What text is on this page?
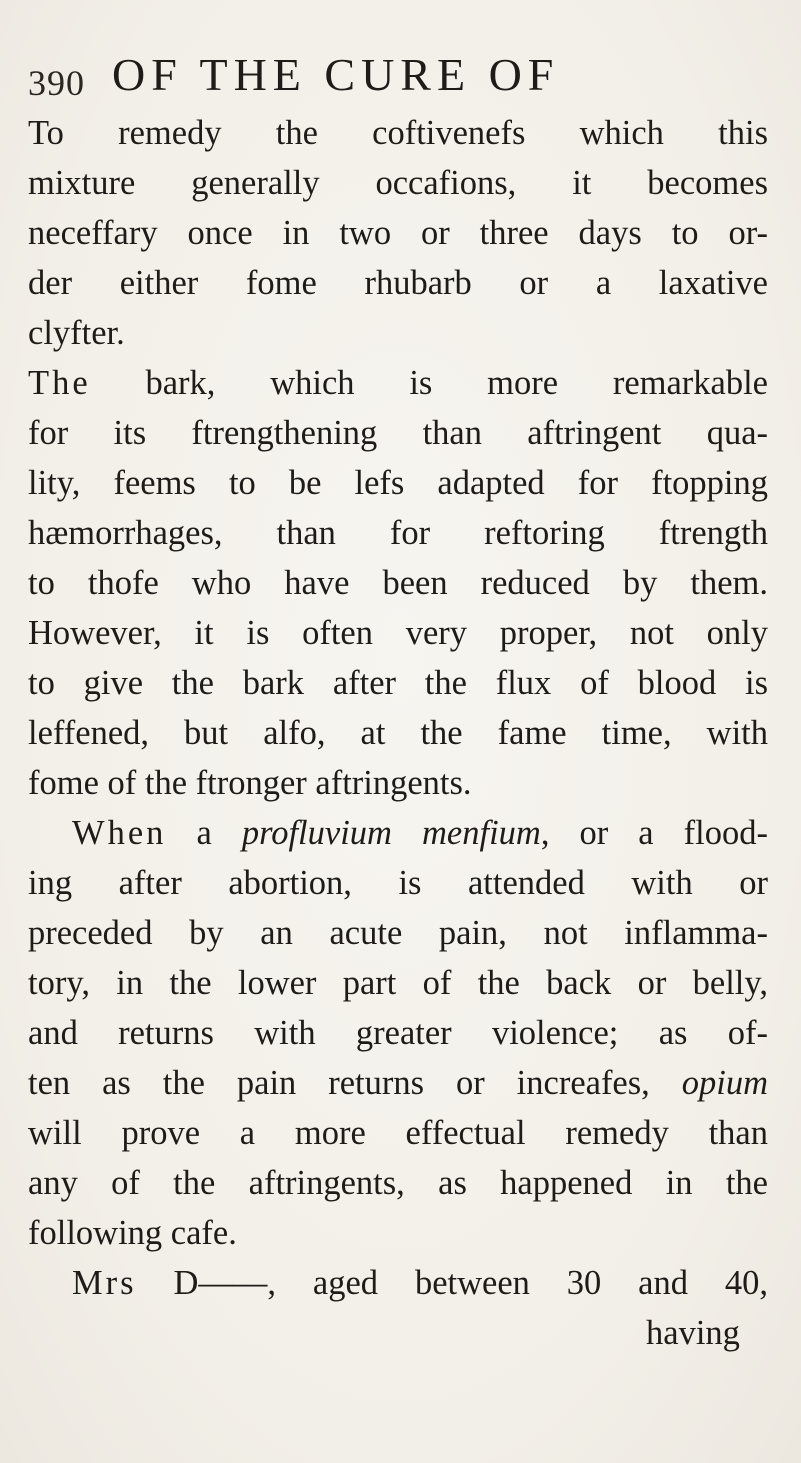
390 OF THE CURE OF
To remedy the coftivenefs which this
mixture generally occafions, it becomes
neceffary once in two or three days to or-
der either fome rhubarb or a laxative
clyfter.
The bark, which is more remarkable
for its ftrengthening than aftringent qua-
lity, feems to be lefs adapted for ftopping
hæmorrhages, than for reftoring ftrength
to thofe who have been reduced by them.
However, it is often very proper, not only
to give the bark after the flux of blood is
leffened, but alfo, at the fame time, with
fome of the ftronger aftringents.
When a profluvium menfium, or a flood-
ing after abortion, is attended with or
preceded by an acute pain, not inflamma-
tory, in the lower part of the back or belly,
and returns with greater violence; as of-
ten as the pain returns or increafes, opium
will prove a more effectual remedy than
any of the aftringents, as happened in the
following cafe.
Mrs D——, aged between 30 and 40,
having
